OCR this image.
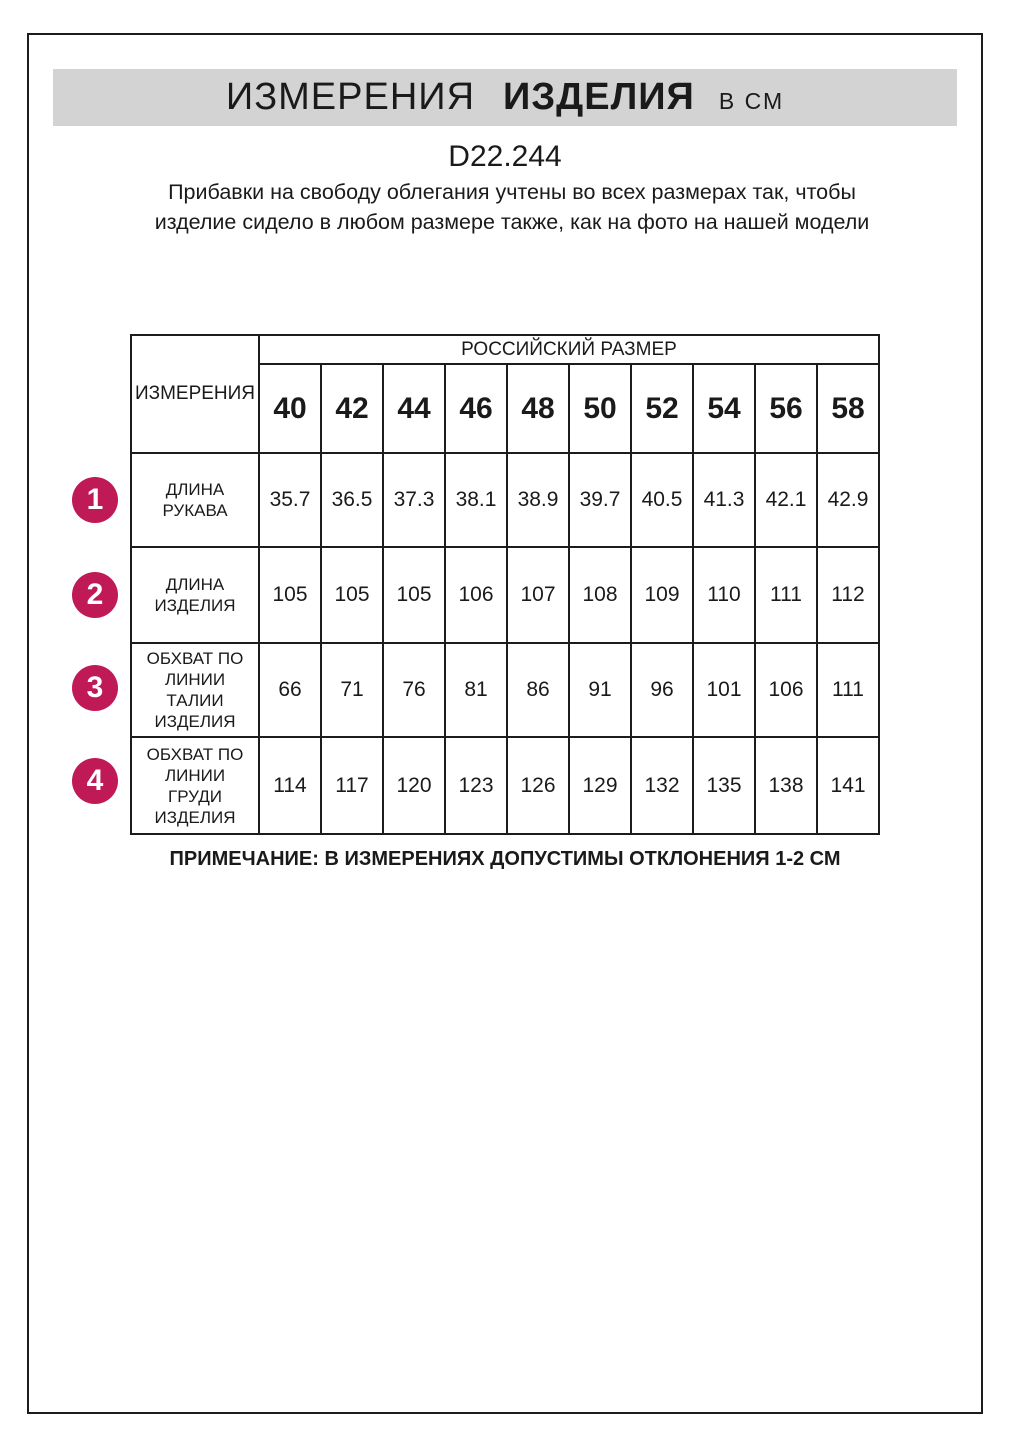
ИЗМЕРЕНИЯ ИЗДЕЛИЯ В СМ
D22.244
Прибавки на свободу облегания учтены во всех размерах так, чтобы изделие сидело в любом размере также, как на фото на нашей модели
ИЗМЕРЕНИЯ	РОССИЙСКИЙ РАЗМЕР									
	40	42	44	46	48	50	52	54	56	58
ДЛИНА РУКАВА	35.7	36.5	37.3	38.1	38.9	39.7	40.5	41.3	42.1	42.9
ДЛИНА ИЗДЕЛИЯ	105	105	105	106	107	108	109	110	111	112
ОБХВАТ ПО ЛИНИИ ТАЛИИ ИЗДЕЛИЯ	66	71	76	81	86	91	96	101	106	111
ОБХВАТ ПО ЛИНИИ ГРУДИ ИЗДЕЛИЯ	114	117	120	123	126	129	132	135	138	141
1
2
3
4
ПРИМЕЧАНИЕ: В ИЗМЕРЕНИЯХ ДОПУСТИМЫ ОТКЛОНЕНИЯ 1-2 СМ
